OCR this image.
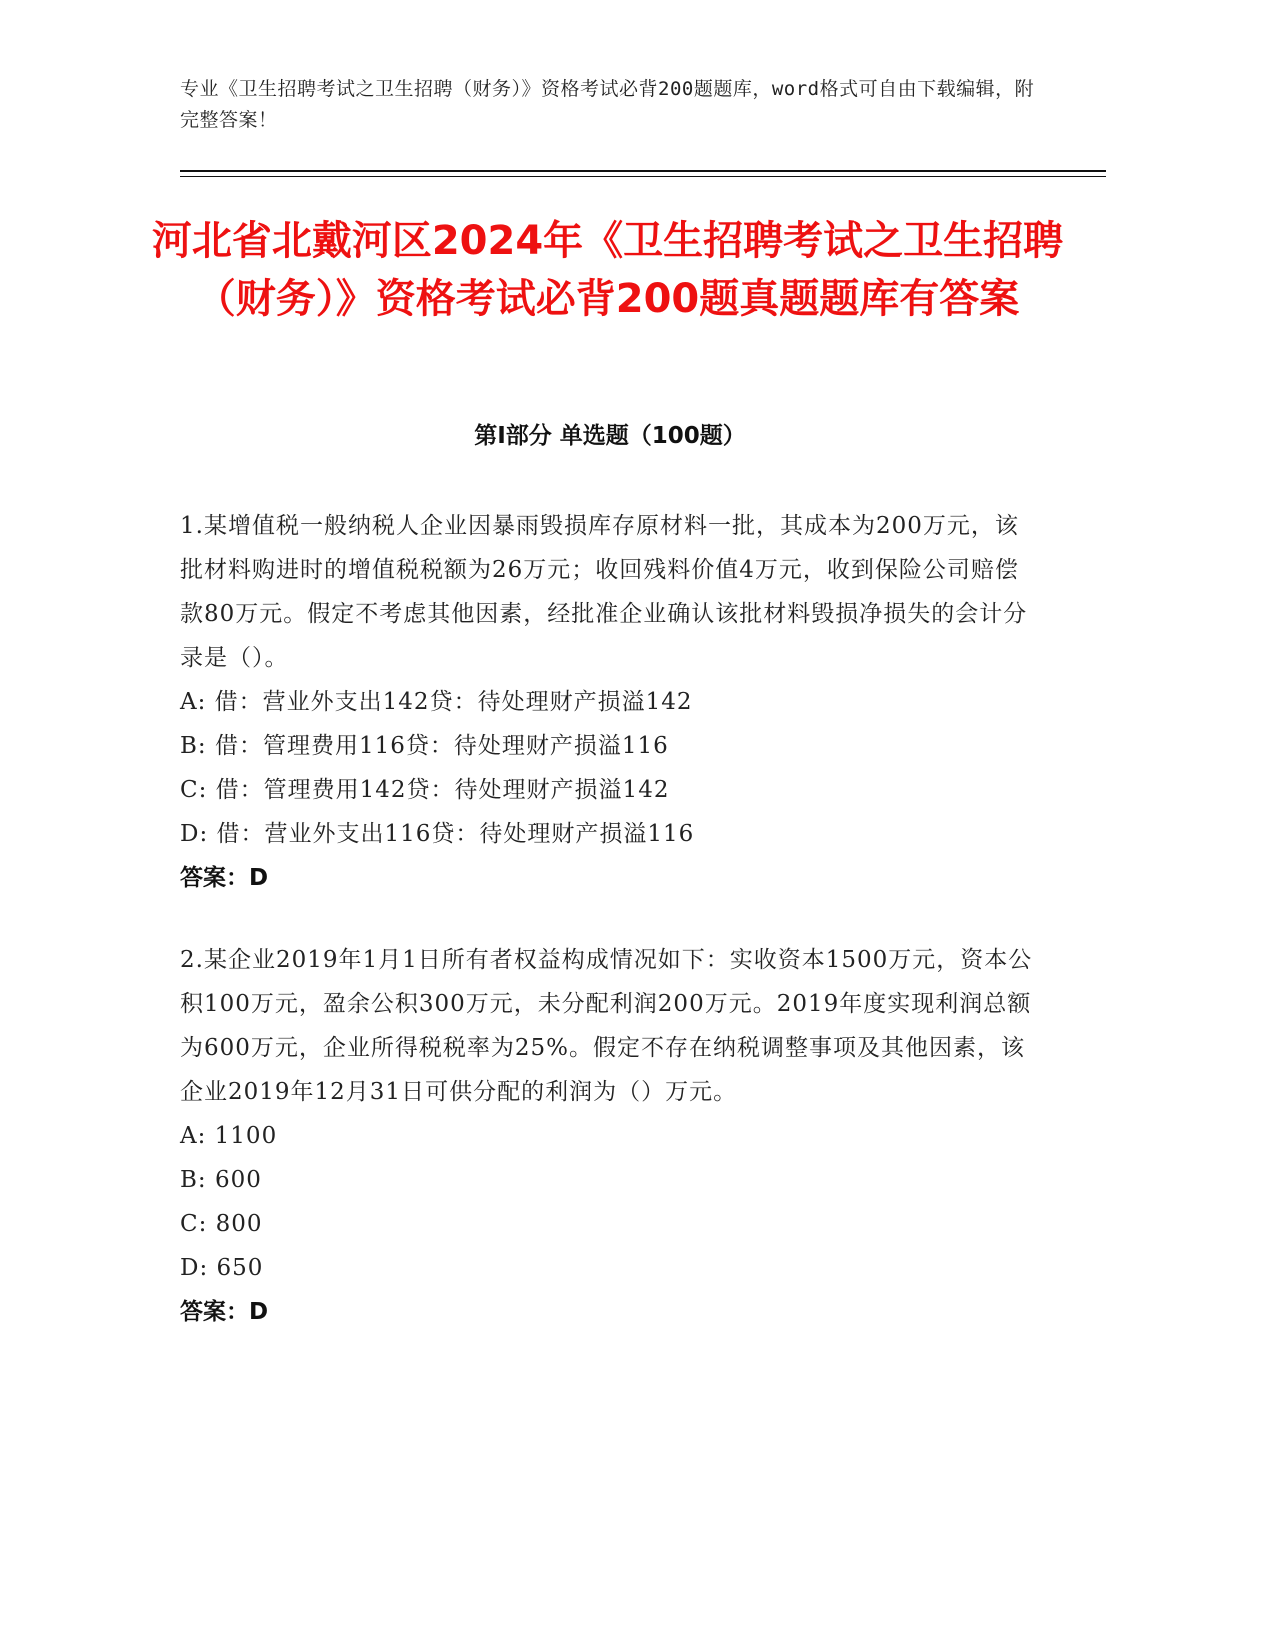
专业《卫生招聘考试之卫生招聘（财务）》资格考试必背200题题库，word格式可自由下载编辑，附完整答案！
河北省北戴河区2024年《卫生招聘考试之卫生招聘（财务）》资格考试必背200题真题题库有答案
第I部分 单选题（100题）

1.某增值税一般纳税人企业因暴雨毁损库存原材料一批，其成本为200万元，该批材料购进时的增值税税额为26万元；收回残料价值4万元，收到保险公司赔偿款80万元。假定不考虑其他因素，经批准企业确认该批材料毁损净损失的会计分录是（）。

A: 借：营业外支出142贷：待处理财产损溢142
B: 借：管理费用116贷：待处理财产损溢116
C: 借：管理费用142贷：待处理财产损溢142
D: 借：营业外支出116贷：待处理财产损溢116
答案：D

2.某企业2019年1月1日所有者权益构成情况如下：实收资本1500万元，资本公积100万元，盈余公积300万元，未分配利润200万元。2019年度实现利润总额为600万元，企业所得税税率为25%。假定不存在纳税调整事项及其他因素，该企业2019年12月31日可供分配的利润为（）万元。

A: 1100
B: 600
C: 800
D: 650
答案：D
